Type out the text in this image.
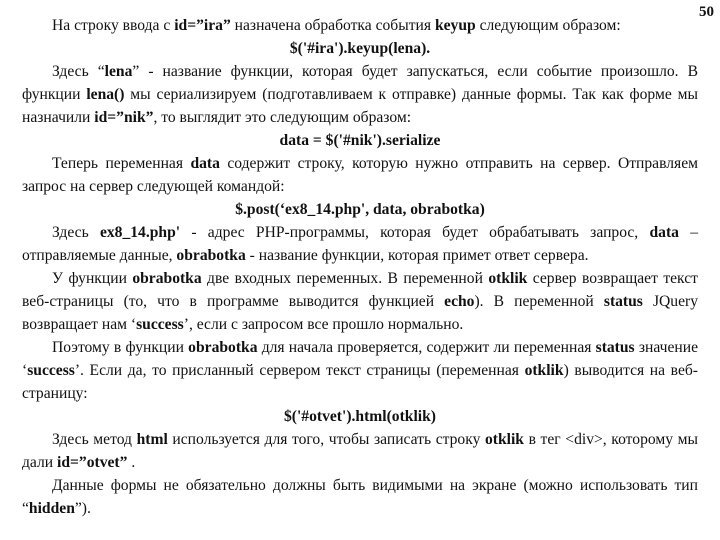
50

На строку ввода с id=”ira” назначена обработка события keyup следующим образом:

$('#ira').keyup(lena).

Здесь “lena” - название функции, которая будет запускаться, если событие произошло. В функции lena() мы сериализируем (подготавливаем к отправке) данные формы. Так как форме мы назначили id=”nik”, то выглядит это следующим образом:

data = $('#nik').serialize

Теперь переменная data содержит строку, которую нужно отправить на сервер. Отправляем запрос на сервер следующей командой:

$.post(‘ex8_14.php', data, obrabotka)

Здесь ex8_14.php' - адрес PHP-программы, которая будет обрабатывать запрос, data – отправляемые данные, obrabotka - название функции, которая примет ответ сервера.

У функции obrabotka две входных переменных. В переменной otklik сервер возвращает текст веб-страницы (то, что в программе выводится функцией echo). В переменной status JQuery возвращает нам ‘success’, если с запросом все прошло нормально.

Поэтому в функции obrabotka для начала проверяется, содержит ли переменная status значение ‘success’. Если да, то присланный сервером текст страницы (переменная otklik) выводится на веб-страницу:

$('#otvet').html(otklik)

Здесь метод html используется для того, чтобы записать строку otklik в тег <div>, которому мы дали id=”otvet” .

Данные формы не обязательно должны быть видимыми на экране (можно использовать тип “hidden”).
